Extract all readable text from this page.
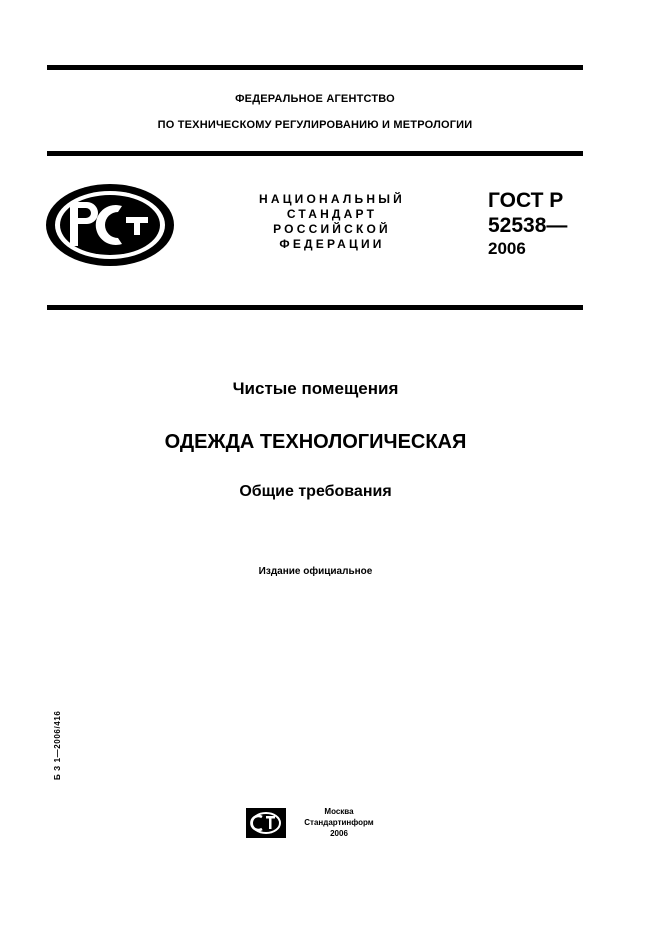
ФЕДЕРАЛЬНОЕ АГЕНТСТВО
ПО ТЕХНИЧЕСКОМУ РЕГУЛИРОВАНИЮ И МЕТРОЛОГИИ
НАЦИОНАЛЬНЫЙ
СТАНДАРТ
РОССИЙСКОЙ
ФЕДЕРАЦИИ
ГОСТ Р
52538—
2006
Чистые помещения
ОДЕЖДА ТЕХНОЛОГИЧЕСКАЯ
Общие требования
Издание официальное
Б З 1—2006/416
Москва
Стандартинформ
2006
